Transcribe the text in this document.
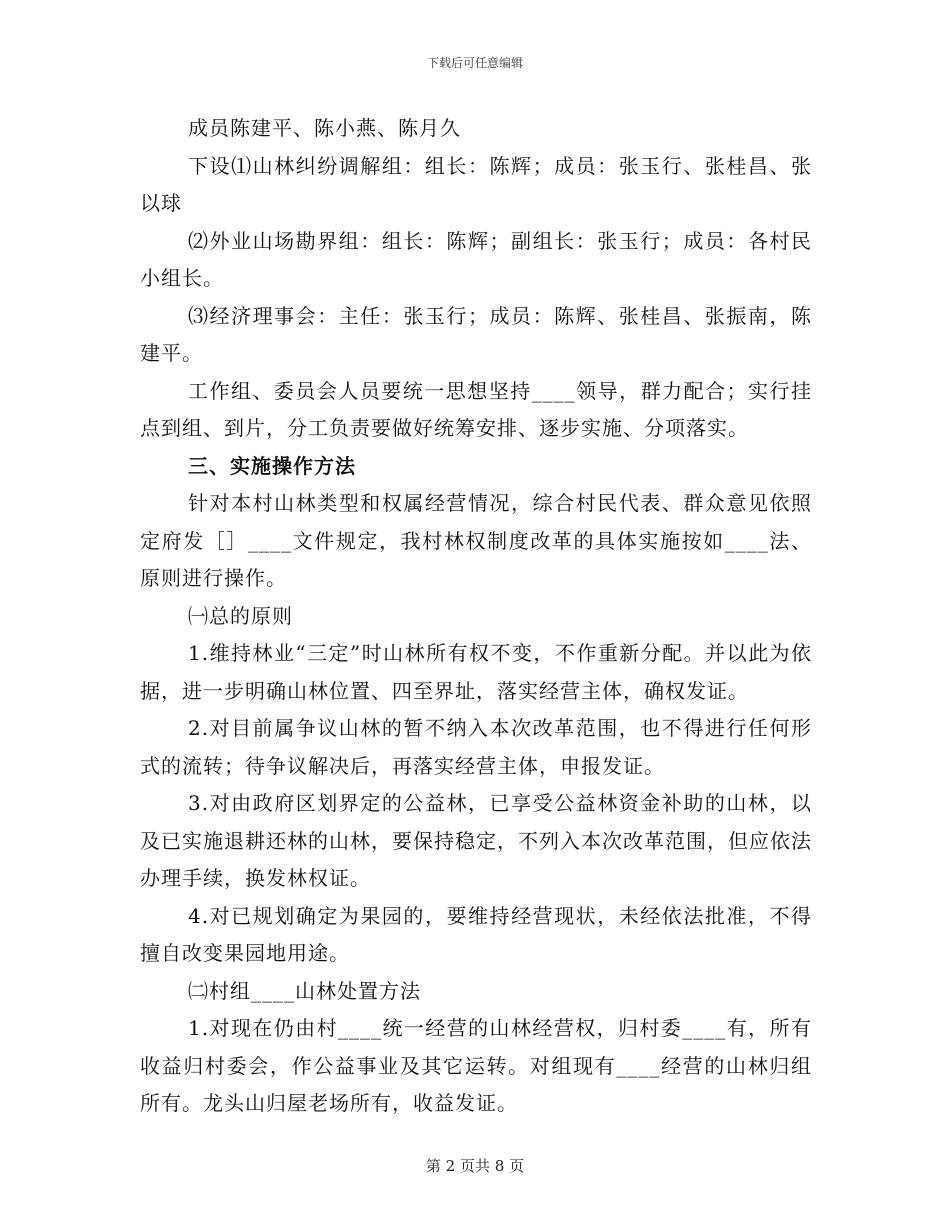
下载后可任意编辑

成员陈建平、陈小燕、陈月久

下设⑴山林纠纷调解组：组长：陈辉；成员：张玉行、张桂昌、张以球

⑵外业山场勘界组：组长：陈辉；副组长：张玉行；成员：各村民小组长。

⑶经济理事会：主任：张玉行；成员：陈辉、张桂昌、张振南，陈建平。

工作组、委员会人员要统一思想坚持____领导，群力配合；实行挂点到组、到片，分工负责要做好统筹安排、逐步实施、分项落实。

三、实施操作方法

针对本村山林类型和权属经营情况，综合村民代表、群众意见依照定府发［］____文件规定，我村林权制度改革的具体实施按如____法、原则进行操作。

㈠总的原则

1.维持林业“三定”时山林所有权不变，不作重新分配。并以此为依据，进一步明确山林位置、四至界址，落实经营主体，确权发证。

2.对目前属争议山林的暂不纳入本次改革范围，也不得进行任何形式的流转；待争议解决后，再落实经营主体，申报发证。

3.对由政府区划界定的公益林，已享受公益林资金补助的山林，以及已实施退耕还林的山林，要保持稳定，不列入本次改革范围，但应依法办理手续，换发林权证。

4.对已规划确定为果园的，要维持经营现状，未经依法批准，不得擅自改变果园地用途。

㈡村组____山林处置方法

1.对现在仍由村____统一经营的山林经营权，归村委____有，所有收益归村委会，作公益事业及其它运转。对组现有____经营的山林归组所有。龙头山归屋老场所有，收益发证。

第 2 页共 8 页
